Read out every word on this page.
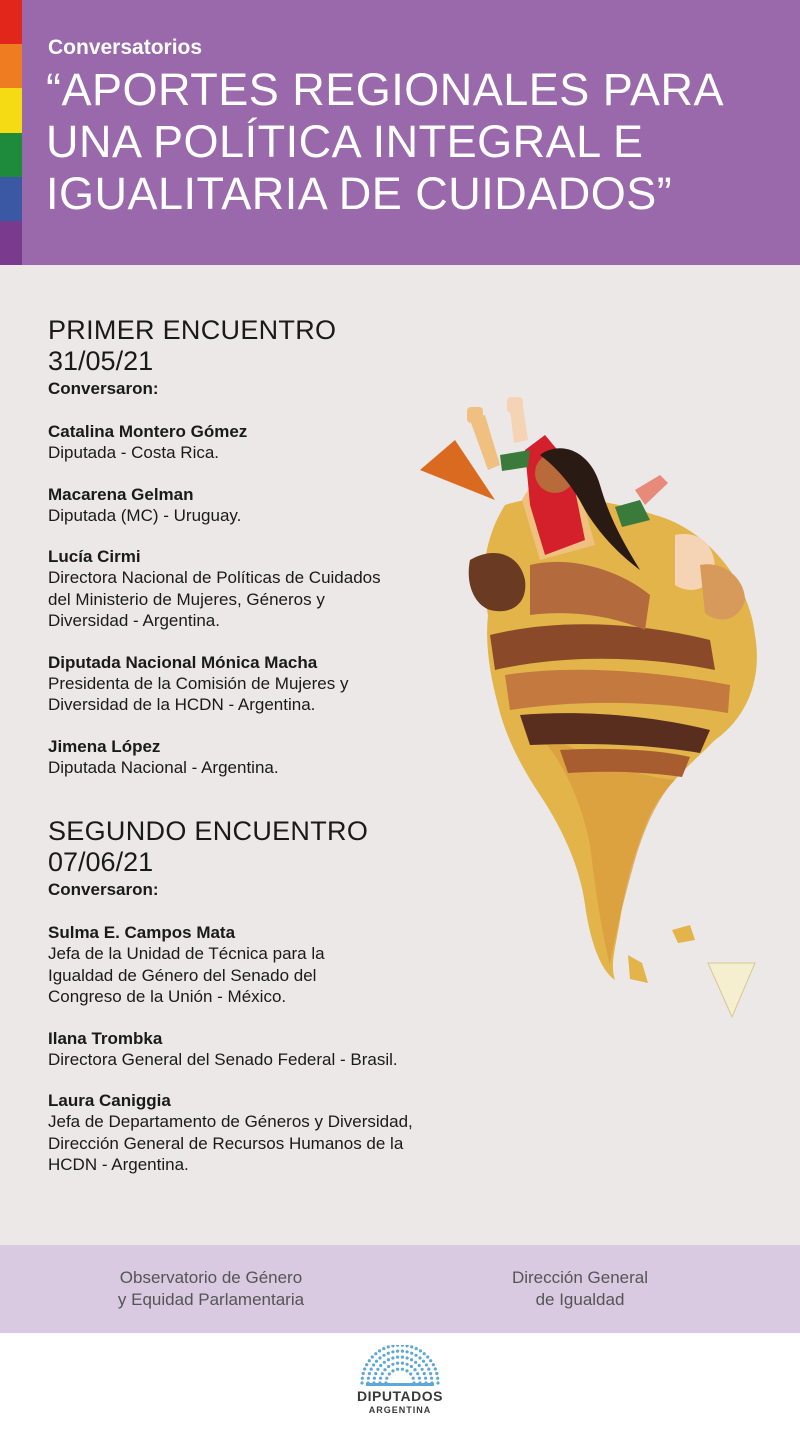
Conversatorios
“APORTES REGIONALES PARA
UNA POLÍTICA INTEGRAL E
IGUALITARIA DE CUIDADOS”
PRIMER ENCUENTRO
31/05/21
Conversaron:
Catalina Montero Gómez
Diputada - Costa Rica.
Macarena Gelman
Diputada (MC) - Uruguay.
Lucía Cirmi
Directora Nacional de Políticas de Cuidados
del Ministerio de Mujeres, Géneros y
Diversidad - Argentina.
Diputada Nacional Mónica Macha
Presidenta de la Comisión de Mujeres y
Diversidad de la HCDN - Argentina.
Jimena López
Diputada Nacional - Argentina.
SEGUNDO ENCUENTRO
07/06/21
Conversaron:
Sulma E. Campos Mata
Jefa de la Unidad de Técnica para la
Igualdad de Género del Senado del
Congreso de la Unión - México.
Ilana Trombka
Directora General del Senado Federal - Brasil.
Laura Caniggia
Jefa de Departamento de Géneros y Diversidad,
Dirección General de Recursos Humanos de la
HCDN - Argentina.
Observatorio de Género
y Equidad Parlamentaria
Dirección General
de Igualdad
DIPUTADOS
ARGENTINA
